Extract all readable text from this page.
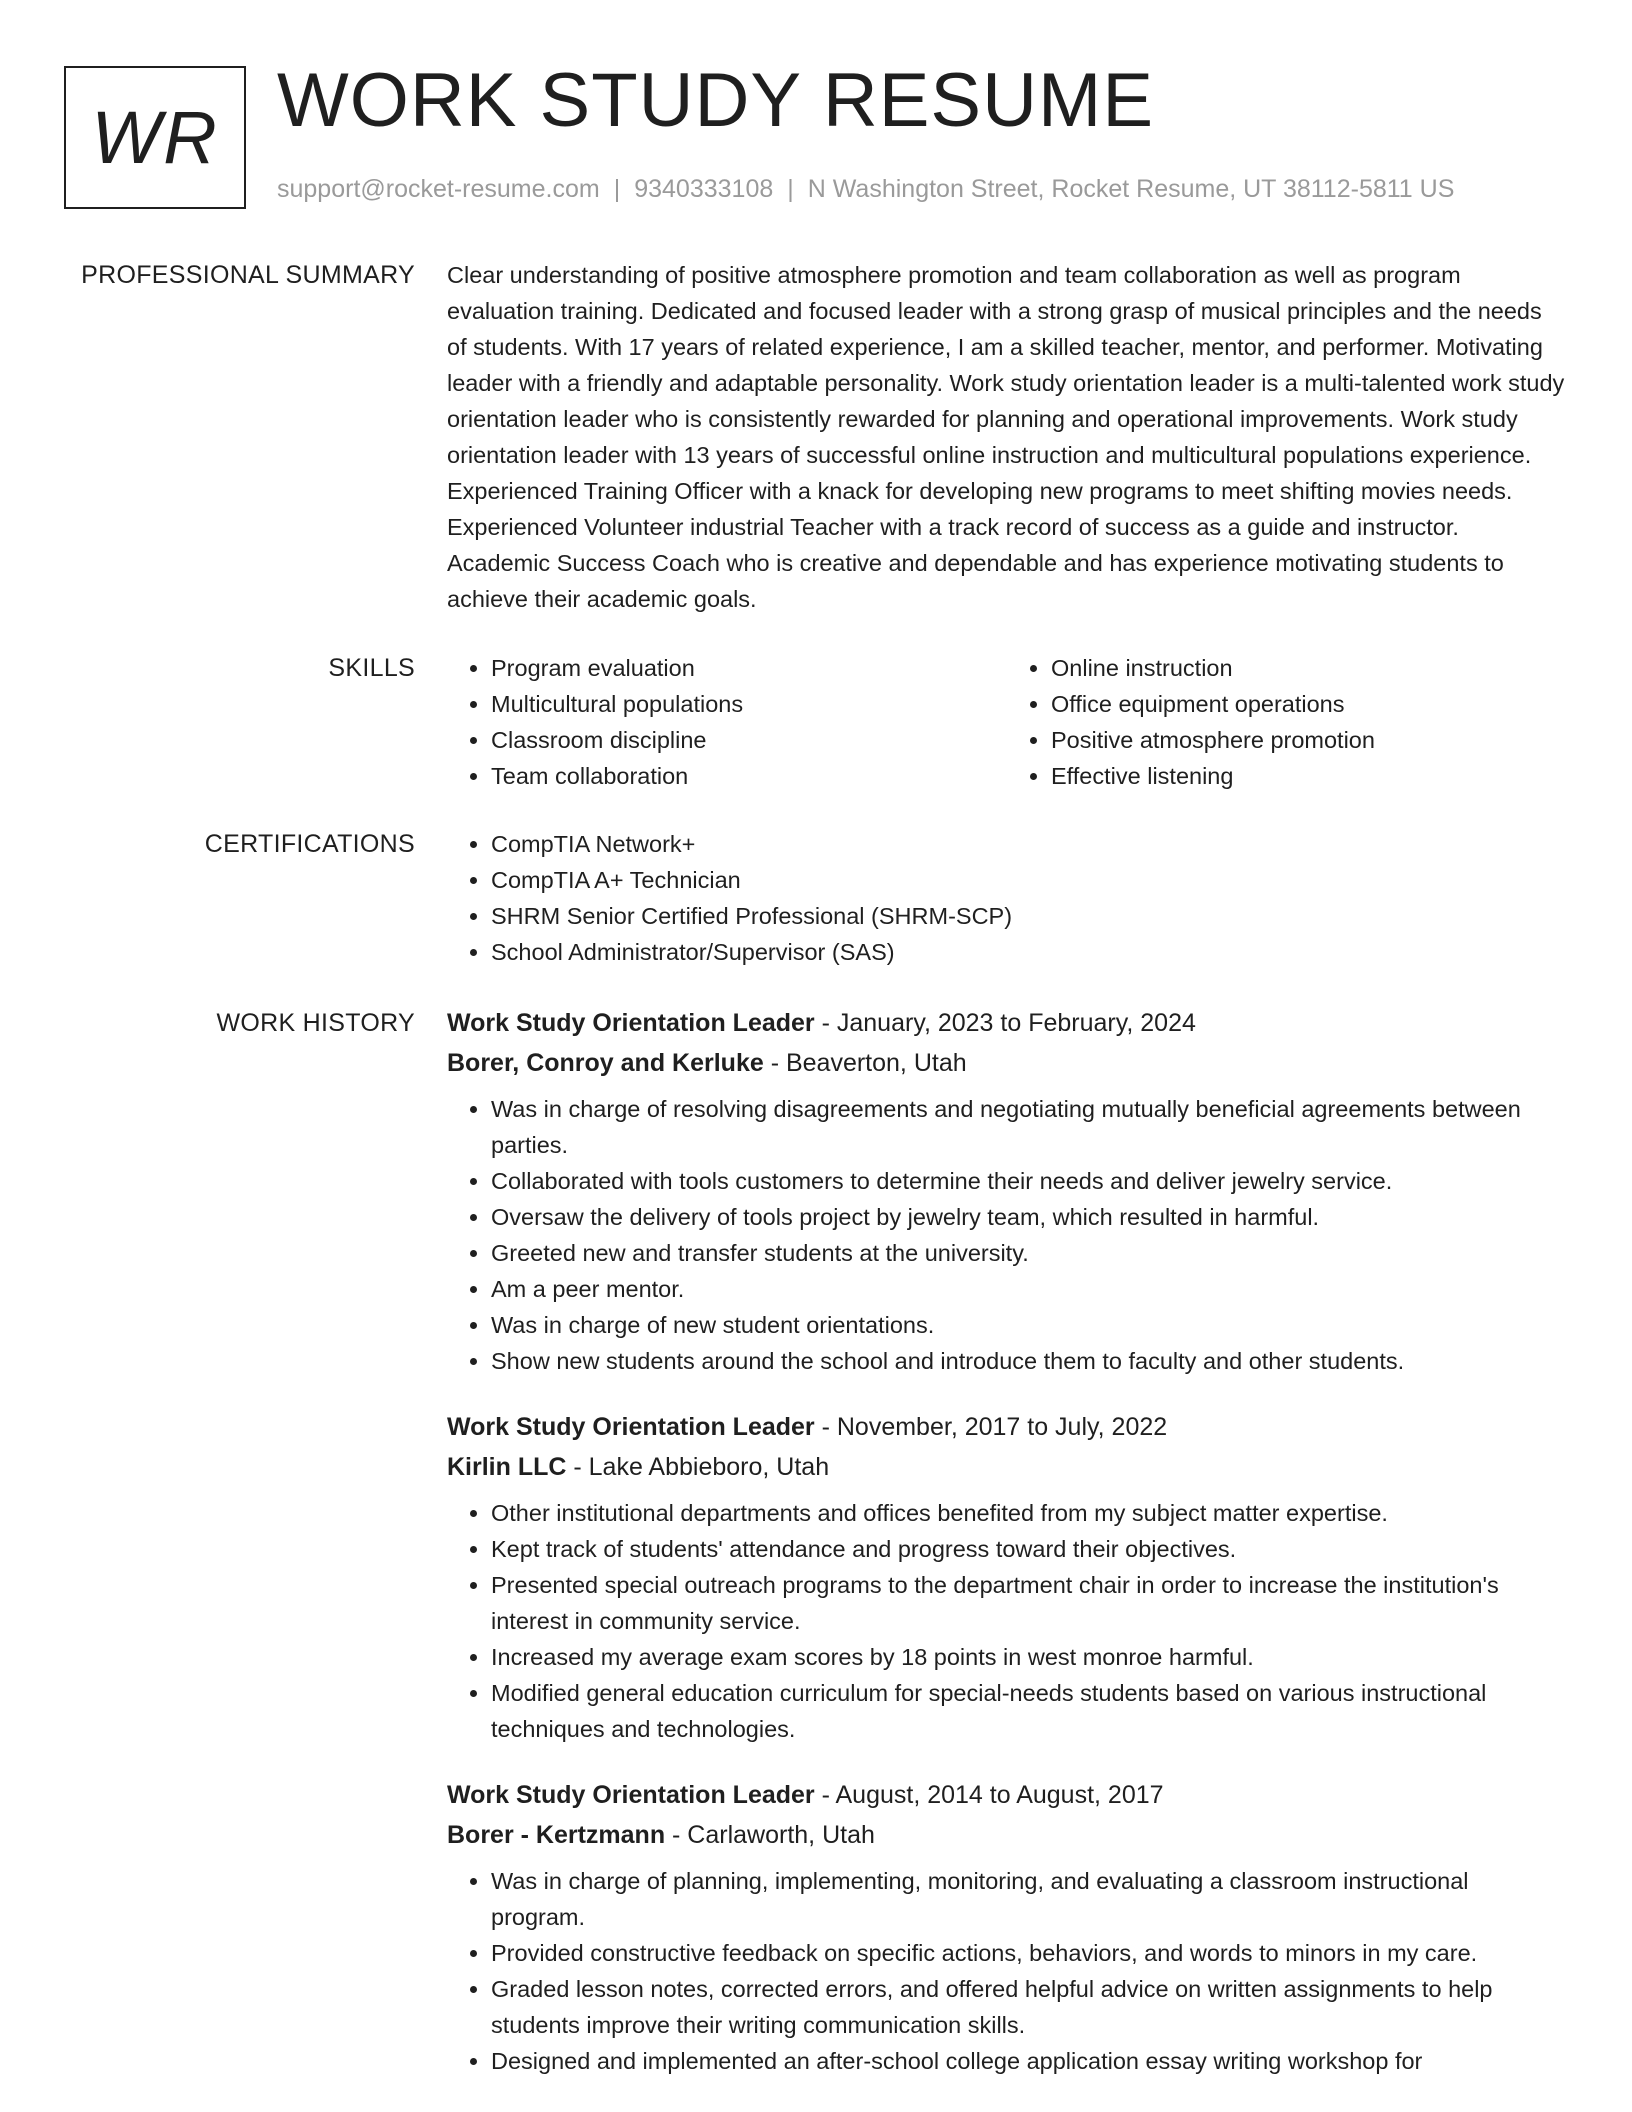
WR WORK STUDY RESUME
support@rocket-resume.com | 9340333108 | N Washington Street, Rocket Resume, UT 38112-5811 US
PROFESSIONAL SUMMARY Clear understanding of positive atmosphere promotion and team collaboration as well as program evaluation training. Dedicated and focused leader with a strong grasp of musical principles and the needs of students. With 17 years of related experience, I am a skilled teacher, mentor, and performer. Motivating leader with a friendly and adaptable personality. Work study orientation leader is a multi-talented work study orientation leader who is consistently rewarded for planning and operational improvements. Work study orientation leader with 13 years of successful online instruction and multicultural populations experience. Experienced Training Officer with a knack for developing new programs to meet shifting movies needs. Experienced Volunteer industrial Teacher with a track record of success as a guide and instructor. Academic Success Coach who is creative and dependable and has experience motivating students to achieve their academic goals.

SKILLS	• Program evaluation
• Multicultural populations
• Classroom discipline
• Team collaboration
• Online instruction
• Office equipment operations
• Positive atmosphere promotion
• Effective listening
CERTIFICATIONS	• CompTIA Network+
• CompTIA A+ Technician
• SHRM Senior Certified Professional (SHRM-SCP)
• School Administrator/Supervisor (SAS)
WORK HISTORY Work Study Orientation Leader - January, 2023 to February, 2024
Borer, Conroy and Kerluke - Beaverton, Utah
• Was in charge of resolving disagreements and negotiating mutually beneficial agreements between parties.
• Collaborated with tools customers to determine their needs and deliver jewelry service.
• Oversaw the delivery of tools project by jewelry team, which resulted in harmful.
• Greeted new and transfer students at the university.
• Am a peer mentor.
• Was in charge of new student orientations.
• Show new students around the school and introduce them to faculty and other students.
Work Study Orientation Leader - November, 2017 to July, 2022
Kirlin LLC - Lake Abbieboro, Utah
• Other institutional departments and offices benefited from my subject matter expertise.
• Kept track of students' attendance and progress toward their objectives.
• Presented special outreach programs to the department chair in order to increase the institution's interest in community service.
• Increased my average exam scores by 18 points in west monroe harmful.
• Modified general education curriculum for special-needs students based on various instructional techniques and technologies.
Work Study Orientation Leader - August, 2014 to August, 2017
Borer - Kertzmann - Carlaworth, Utah
• Was in charge of planning, implementing, monitoring, and evaluating a classroom instructional program.
• Provided constructive feedback on specific actions, behaviors, and words to minors in my care.
• Graded lesson notes, corrected errors, and offered helpful advice on written assignments to help students improve their writing communication skills.
• Designed and implemented an after-school college application essay writing workshop for
